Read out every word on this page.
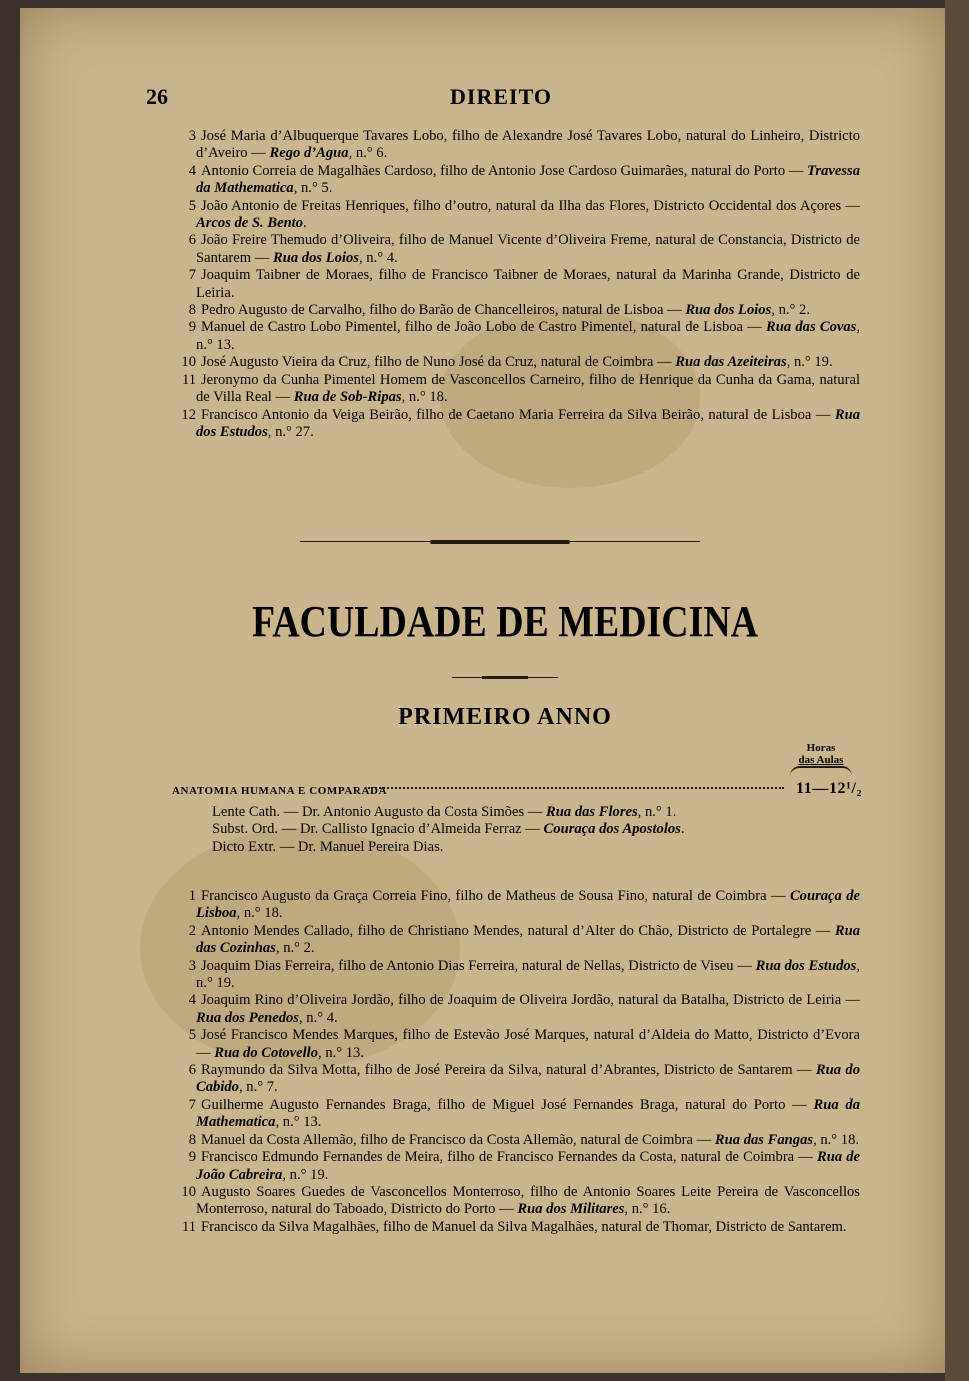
26	DIREITO
3 José Maria d’Albuquerque Tavares Lobo, filho de Alexandre José Tavares Lobo, natural do Linheiro, Districto d’Aveiro — Rego d’Agua, n.° 6.
4 Antonio Correia de Magalhães Cardoso, filho de Antonio Jose Cardoso Guimarães, natural do Porto — Travessa da Mathematica, n.° 5.
5 João Antonio de Freitas Henriques, filho d’outro, natural da Ilha das Flores, Districto Occidental dos Açores — Arcos de S. Bento.
6 João Freire Themudo d’Oliveira, filho de Manuel Vicente d’Oliveira Freme, natural de Constancia, Districto de Santarem — Rua dos Loios, n.° 4.
7 Joaquim Taibner de Moraes, filho de Francisco Taibner de Moraes, natural da Marinha Grande, Districto de Leiria.
8 Pedro Augusto de Carvalho, filho do Barão de Chancelleiros, natural de Lisboa — Rua dos Loios, n.° 2.
9 Manuel de Castro Lobo Pimentel, filho de João Lobo de Castro Pimentel, natural de Lisboa — Rua das Covas, n.° 13.
10 José Augusto Vieira da Cruz, filho de Nuno José da Cruz, natural de Coimbra — Rua das Azeiteiras, n.° 19.
11 Jeronymo da Cunha Pimentel Homem de Vasconcellos Carneiro, filho de Henrique da Cunha da Gama, natural de Villa Real — Rua de Sob-Ripas, n.° 18.
12 Francisco Antonio da Veiga Beirão, filho de Caetano Maria Ferreira da Silva Beirão, natural de Lisboa — Rua dos Estudos, n.° 27.
FACULDADE DE MEDICINA
PRIMEIRO ANNO
Horas
das Aulas
ANATOMIA HUMANA E COMPARADA	11—12¹/₂
Lente Cath. — Dr. Antonio Augusto da Costa Simões — Rua das Flores, n.° 1.
Subst. Ord. — Dr. Callisto Ignacio d’Almeida Ferraz — Couraça dos Apostolos.
Dicto Extr. — Dr. Manuel Pereira Dias.
1 Francisco Augusto da Graça Correia Fino, filho de Matheus de Sousa Fino, natural de Coimbra — Couraça de Lisboa, n.° 18.
2 Antonio Mendes Callado, filho de Christiano Mendes, natural d’Alter do Chão, Districto de Portalegre — Rua das Cozinhas, n.° 2.
3 Joaquim Dias Ferreira, filho de Antonio Dias Ferreira, natural de Nellas, Districto de Viseu — Rua dos Estudos, n.° 19.
4 Joaquim Rino d’Oliveira Jordão, filho de Joaquim de Oliveira Jordão, natural da Batalha, Districto de Leiria — Rua dos Penedos, n.° 4.
5 José Francisco Mendes Marques, filho de Estevão José Marques, natural d’Aldeia do Matto, Districto d’Evora — Rua do Cotovello, n.° 13.
6 Raymundo da Silva Motta, filho de José Pereira da Silva, natural d’Abrantes, Districto de Santarem — Rua do Cabido, n.° 7.
7 Guilherme Augusto Fernandes Braga, filho de Miguel José Fernandes Braga, natural do Porto — Rua da Mathematica, n.° 13.
8 Manuel da Costa Allemão, filho de Francisco da Costa Allemão, natural de Coimbra — Rua das Fangas, n.° 18.
9 Francisco Edmundo Fernandes de Meira, filho de Francisco Fernandes da Costa, natural de Coimbra — Rua de João Cabreira, n.° 19.
10 Augusto Soares Guedes de Vasconcellos Monterroso, filho de Antonio Soares Leite Pereira de Vasconcellos Monterroso, natural do Taboado, Districto do Porto — Rua dos Militares, n.° 16.
11 Francisco da Silva Magalhães, filho de Manuel da Silva Magalhães, natural de Thomar, Districto de Santarem.
